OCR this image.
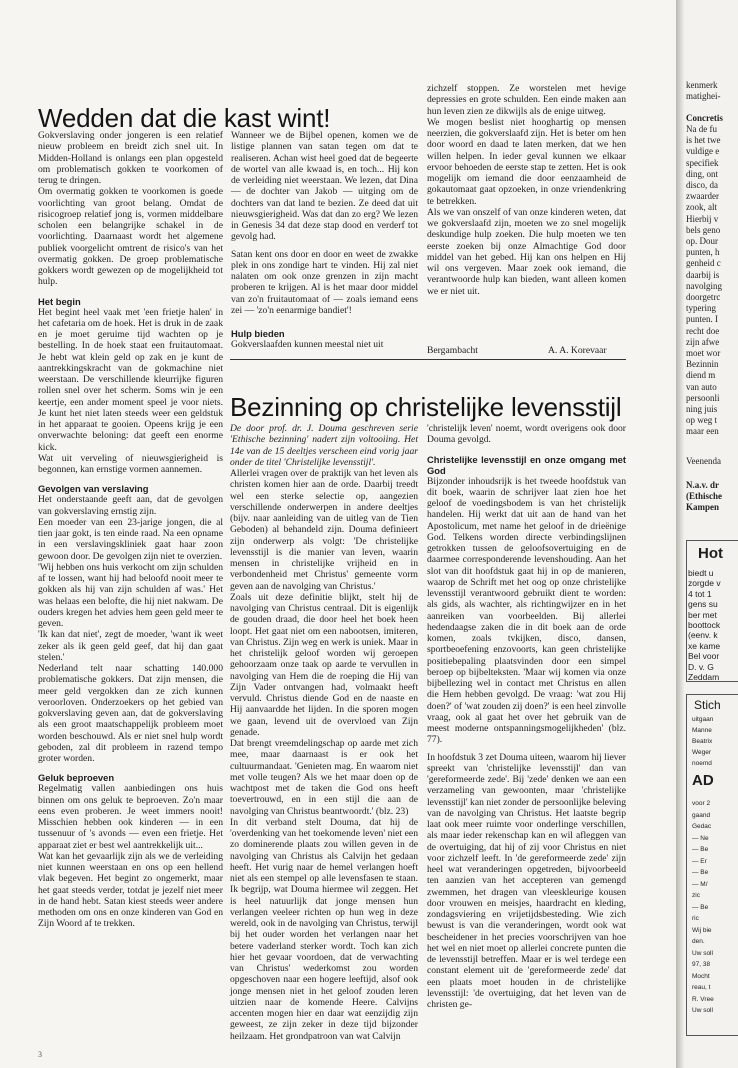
Wedden dat die kast wint!

Gokverslaving onder jongeren is een relatief nieuw probleem en breidt zich snel uit. In Midden-Holland is onlangs een plan opgesteld om problematisch gokken te voorkomen of terug te dringen.

Om overmatig gokken te voorkomen is goede voorlichting van groot belang. Omdat de risicogroep relatief jong is, vormen middelbare scholen een belangrijke schakel in de voorlichting. Daarnaast wordt het algemene publiek voorgelicht omtrent de risico's van het overmatig gokken. De groep problematische gokkers wordt gewezen op de mogelijkheid tot hulp.

Het begin

Het begint heel vaak met 'een frietje halen' in het cafetaria om de hoek. Het is druk in de zaak en je moet geruime tijd wachten op je bestelling. In de hoek staat een fruitautomaat. Je hebt wat klein geld op zak en je kunt de aantrekkingskracht van de gokmachine niet weerstaan. De verschillende kleurrijke figuren rollen snel over het scherm. Soms win je een keertje, een ander moment speel je voor niets. Je kunt het niet laten steeds weer een geldstuk in het apparaat te gooien. Opeens krijg je een onverwachte beloning: dat geeft een enorme kick.

Wat uit verveling of nieuwsgierigheid is begonnen, kan ernstige vormen aannemen.

Gevolgen van verslaving

Het onderstaande geeft aan, dat de gevolgen van gokverslaving ernstig zijn.

Een moeder van een 23-jarige jongen, die al tien jaar gokt, is ten einde raad. Na een opname in een verslavingskliniek gaat haar zoon gewoon door. De gevolgen zijn niet te overzien.

'Wij hebben ons huis verkocht om zijn schulden af te lossen, want hij had beloofd nooit meer te gokken als hij van zijn schulden af was.' Het was helaas een belofte, die hij niet nakwam. De ouders kregen het advies hem geen geld meer te geven.

'Ik kan dat niet', zegt de moeder, 'want ik weet zeker als ik geen geld geef, dat hij dan gaat stelen.'

Nederland telt naar schatting 140.000 problematische gokkers. Dat zijn mensen, die meer geld vergokken dan ze zich kunnen veroorloven. Onderzoekers op het gebied van gokverslaving geven aan, dat de gokverslaving als een groot maatschappelijk probleem moet worden beschouwd. Als er niet snel hulp wordt geboden, zal dit probleem in razend tempo groter worden.

Geluk beproeven

Regelmatig vallen aanbiedingen ons huis binnen om ons geluk te beproeven. Zo'n maar eens even proberen. Je weet immers nooit! Misschien hebben ook kinderen — in een tussenuur of 's avonds — even een frietje. Het apparaat ziet er best wel aantrekkelijk uit...

Wat kan het gevaarlijk zijn als we de verleiding niet kunnen weerstaan en ons op een hellend vlak begeven. Het begint zo ongemerkt, maar het gaat steeds verder, totdat je jezelf niet meer in de hand hebt. Satan kiest steeds weer andere methoden om ons en onze kinderen van God en Zijn Woord af te trekken.

Wanneer we de Bijbel openen, komen we de listige plannen van satan tegen om dat te realiseren. Achan wist heel goed dat de begeerte de wortel van alle kwaad is, en toch... Hij kon de verleiding niet weerstaan. We lezen, dat Dina — de dochter van Jakob — uitging om de dochters van dat land te bezien. Ze deed dat uit nieuwsgierigheid. Was dat dan zo erg? We lezen in Genesis 34 dat deze stap dood en verderf tot gevolg had.

Satan kent ons door en door en weet de zwakke plek in ons zondige hart te vinden. Hij zal niet nalaten om ook onze grenzen in zijn macht proberen te krijgen. Al is het maar door middel van zo'n fruitautomaat of — zoals iemand eens zei — 'zo'n eenarmige bandiet'!

Hulp bieden

Gokverslaafden kunnen meestal niet uit

zichzelf stoppen. Ze worstelen met hevige depressies en grote schulden. Een einde maken aan hun leven zien ze dikwijls als de enige uitweg.

We mogen beslist niet hooghartig op mensen neerzien, die gokverslaafd zijn. Het is beter om hen door woord en daad te laten merken, dat we hen willen helpen. In ieder geval kunnen we elkaar ervoor behoeden de eerste stap te zetten. Het is ook mogelijk om iemand die door eenzaamheid de gokautomaat gaat opzoeken, in onze vriendenkring te betrekken.

Als we van onszelf of van onze kinderen weten, dat we gokverslaafd zijn, moeten we zo snel mogelijk deskundige hulp zoeken. Die hulp moeten we ten eerste zoeken bij onze Almachtige God door middel van het gebed. Hij kan ons helpen en Hij wil ons vergeven. Maar zoek ook iemand, die verantwoorde hulp kan bieden, want alleen komen we er niet uit.

Bergambacht	A. A. Korevaar
Bezinning op christelijke levensstijl

De door prof. dr. J. Douma geschreven serie 'Ethische bezinning' nadert zijn voltooiing. Het 14e van de 15 deeltjes verscheen eind vorig jaar onder de titel 'Christelijke levensstijl'.

Allerlei vragen over de praktijk van het leven als christen komen hier aan de orde. Daarbij treedt wel een sterke selectie op, aangezien verschillende onderwerpen in andere deeltjes (bijv. naar aanleiding van de uitleg van de Tien Geboden) al behandeld zijn. Douma definieert zijn onderwerp als volgt: 'De christelijke levensstijl is die manier van leven, waarin mensen in christelijke vrijheid en in verbondenheid met Christus' gemeente vorm geven aan de navolging van Christus.'

Zoals uit deze definitie blijkt, stelt hij de navolging van Christus centraal. Dit is eigenlijk de gouden draad, die door heel het boek heen loopt. Het gaat niet om een nabootsen, imiteren, van Christus. Zijn weg en werk is uniek. Maar in het christelijk geloof worden wij geroepen gehoorzaam onze taak op aarde te vervullen in navolging van Hem die de roeping die Hij van Zijn Vader ontvangen had, volmaakt heeft vervuld. Christus diende God en de naaste en Hij aanvaardde het lijden. In die sporen mogen we gaan, levend uit de overvloed van Zijn genade.

Dat brengt vreemdelingschap op aarde met zich mee, maar daarnaast is er ook het cultuurmandaat. 'Genieten mag. En waarom niet met volle teugen? Als we het maar doen op de wachtpost met de taken die God ons heeft toevertrouwd, en in een stijl die aan de navolging van Christus beantwoordt.' (blz. 23)

In dit verband stelt Douma, dat hij de 'overdenking van het toekomende leven' niet een zo dominerende plaats zou willen geven in de navolging van Christus als Calvijn het gedaan heeft. Het vurig naar de hemel verlangen hoeft niet als een stempel op alle levensfasen te staan. Ik begrijp, wat Douma hiermee wil zeggen. Het is heel natuurlijk dat jonge mensen hun verlangen veeleer richten op hun weg in deze wereld, ook in de navolging van Christus, terwijl bij het ouder worden het verlangen naar het betere vaderland sterker wordt. Toch kan zich hier het gevaar voordoen, dat de verwachting van Christus' wederkomst zou worden opgeschoven naar een hogere leeftijd, alsof ook jonge mensen niet in het geloof zouden leren uitzien naar de komende Heere. Calvijns accenten mogen hier en daar wat eenzijdig zijn geweest, ze zijn zeker in deze tijd bijzonder heilzaam. Het grondpatroon van wat Calvijn

'christelijk leven' noemt, wordt overigens ook door Douma gevolgd.

Christelijke levensstijl en onze omgang met God

Bijzonder inhoudsrijk is het tweede hoofdstuk van dit boek, waarin de schrijver laat zien hoe het geloof de voedingsbodem is van het christelijk handelen. Hij werkt dat uit aan de hand van het Apostolicum, met name het geloof in de drieënige God. Telkens worden directe verbindingslijnen getrokken tussen de geloofsovertuiging en de daarmee corresponderende levenshouding. Aan het slot van dit hoofdstuk gaat hij in op de manieren, waarop de Schrift met het oog op onze christelijke levensstijl verantwoord gebruikt dient te worden: als gids, als wachter, als richtingwijzer en in het aanreiken van voorbeelden. Bij allerlei hedendaagse zaken die in dit boek aan de orde komen, zoals tvkijken, disco, dansen, sportbeoefening enzovoorts, kan geen christelijke positiebepaling plaatsvinden door een simpel beroep op bijbelteksten. 'Maar wij komen via onze bijbellezing wel in contact met Christus en allen die Hem hebben gevolgd. De vraag: 'wat zou Hij doen?' of 'wat zouden zij doen?' is een heel zinvolle vraag, ook al gaat het over het gebruik van de meest moderne ontspanningsmogelijkheden' (blz. 77).

In hoofdstuk 3 zet Douma uiteen, waarom hij liever spreekt van 'christelijke levensstijl' dan van 'gereformeerde zede'. Bij 'zede' denken we aan een verzameling van gewoonten, maar 'christelijke levensstijl' kan niet zonder de persoonlijke beleving van de navolging van Christus. Het laatste begrip laat ook meer ruimte voor onderlinge verschillen, als maar ieder rekenschap kan en wil afleggen van de overtuiging, dat hij of zij voor Christus en niet voor zichzelf leeft. In 'de gereformeerde zede' zijn heel wat veranderingen opgetreden, bijvoorbeeld ten aanzien van het accepteren van gemengd zwemmen, het dragen van vleeskleurige kousen door vrouwen en meisjes, haardracht en kleding, zondagsviering en vrijetijdsbesteding. Wie zich bewust is van die veranderingen, wordt ook wat bescheidener in het precies voorschrijven van hoe het wel en niet moet op allerlei concrete punten die de levensstijl betreffen. Maar er is wel terdege een constant element uit de 'gereformeerde zede' dat een plaats moet houden in de christelijke levensstijl: 'de overtuiging, dat het leven van de christen ge-

3
kenmerk
matighei-
Concretis
Na de fu
is het twe
vuldige e
specifiek
ding, ont
disco, da
zwaarder
zook, alt
Hierbij v
bels geno
op. Dour
punten, h
genheid c
daarbij is
navolging
doorgetrc
typering
punten. I
recht doe
zijn afwe
moet wor
Bezinnin
diend m
van auto
persoonli
ning juis
op weg t
maar een
Veenenda
N.a.v. dr
(Ethische
Kampen
Hot
biedt u
zorgde v
4 tot 1
gens su
ber met
boottock
(eenv. k
xe kame
Bel voor
D. v. G
Zeddam
Stich
uitgaan
Manne
Beatrix
Weger
noemd
AD
voor 2
gaand
Gedac
— Ne
— Be
— Er
— Be
— M/
zic
— Be
ric
Wij bie
den.
Uw soll
97, 38
Mocht
reau, t
R. Vree
Uw soll
